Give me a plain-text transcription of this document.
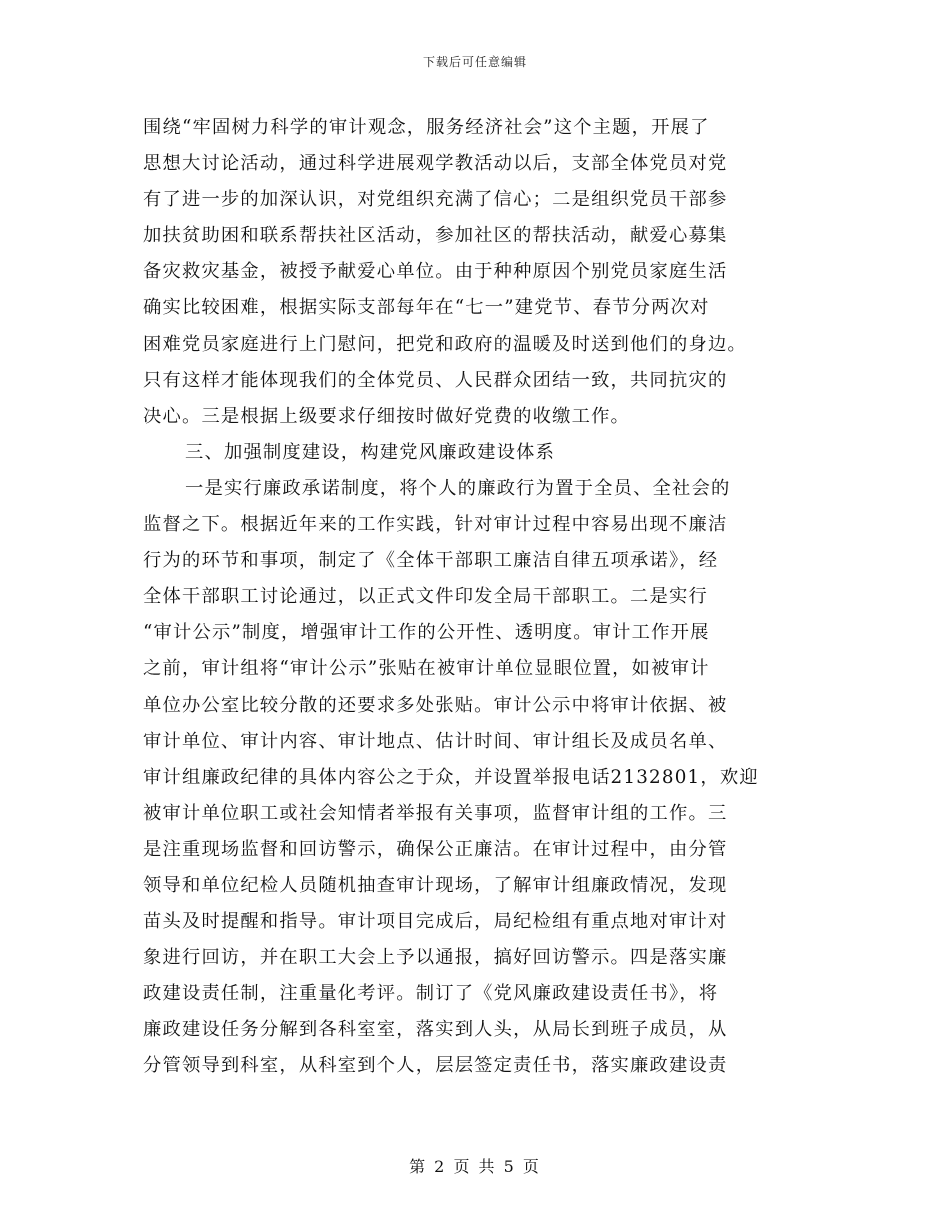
下载后可任意编辑
围绕“牢固树力科学的审计观念，服务经济社会”这个主题，开展了
思想大讨论活动，通过科学进展观学教活动以后，支部全体党员对党
有了进一步的加深认识，对党组织充满了信心；二是组织党员干部参
加扶贫助困和联系帮扶社区活动，参加社区的帮扶活动，献爱心募集
备灾救灾基金，被授予献爱心单位。由于种种原因个别党员家庭生活
确实比较困难，根据实际支部每年在“七一”建党节、春节分两次对
困难党员家庭进行上门慰问，把党和政府的温暖及时送到他们的身边。
只有这样才能体现我们的全体党员、人民群众团结一致，共同抗灾的
决心。三是根据上级要求仔细按时做好党费的收缴工作。
三、加强制度建设，构建党风廉政建设体系
一是实行廉政承诺制度，将个人的廉政行为置于全员、全社会的
监督之下。根据近年来的工作实践，针对审计过程中容易出现不廉洁
行为的环节和事项，制定了《全体干部职工廉洁自律五项承诺》，经
全体干部职工讨论通过，以正式文件印发全局干部职工。二是实行
“审计公示”制度，增强审计工作的公开性、透明度。审计工作开展
之前，审计组将“审计公示”张贴在被审计单位显眼位置，如被审计
单位办公室比较分散的还要求多处张贴。审计公示中将审计依据、被
审计单位、审计内容、审计地点、估计时间、审计组长及成员名单、
审计组廉政纪律的具体内容公之于众，并设置举报电话2132801，欢迎
被审计单位职工或社会知情者举报有关事项，监督审计组的工作。三
是注重现场监督和回访警示，确保公正廉洁。在审计过程中，由分管
领导和单位纪检人员随机抽查审计现场，了解审计组廉政情况，发现
苗头及时提醒和指导。审计项目完成后，局纪检组有重点地对审计对
象进行回访，并在职工大会上予以通报，搞好回访警示。四是落实廉
政建设责任制，注重量化考评。制订了《党风廉政建设责任书》，将
廉政建设任务分解到各科室室，落实到人头，从局长到班子成员，从
分管领导到科室，从科室到个人，层层签定责任书，落实廉政建设责
第 2 页 共 5 页
